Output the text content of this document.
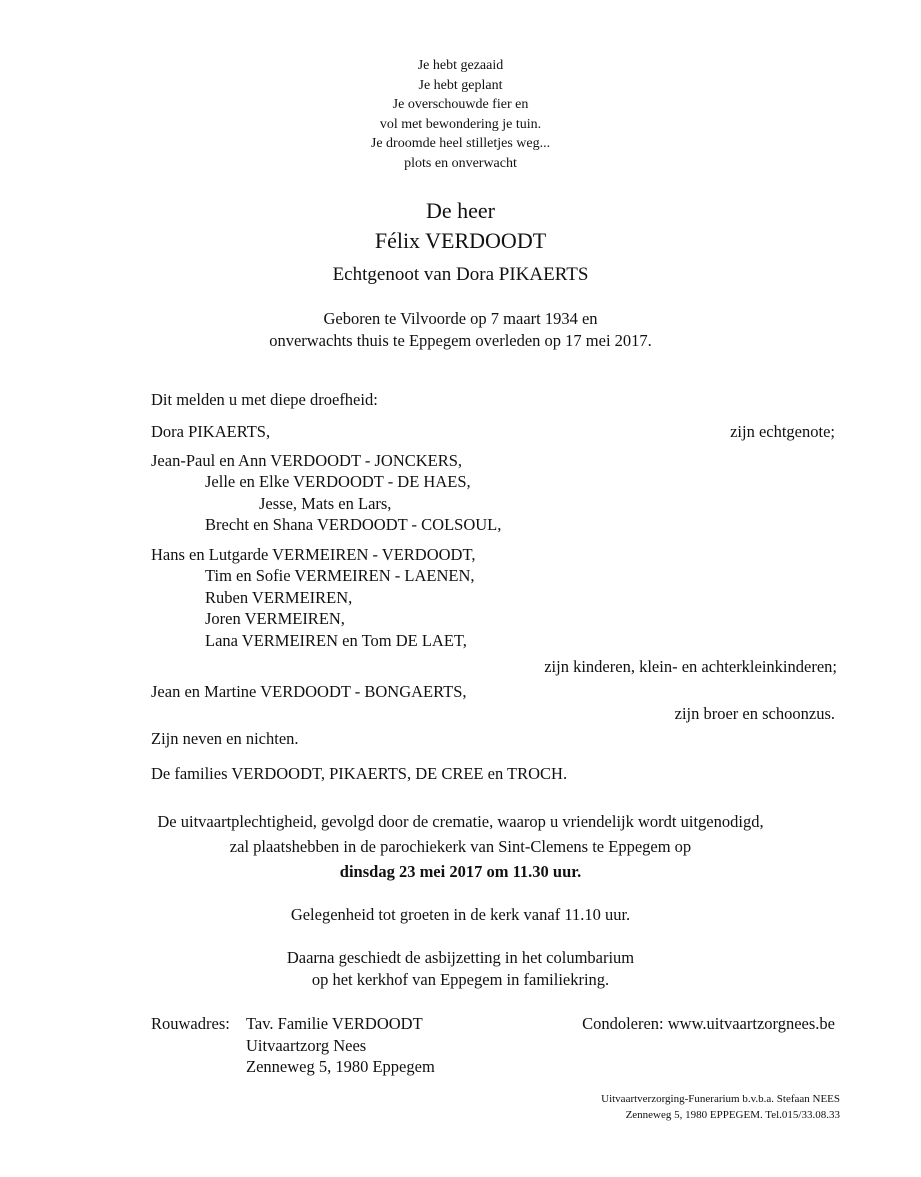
Je hebt gezaaid
Je hebt geplant
Je overschouwde fier en
vol met bewondering je tuin.
Je droomde heel stilletjes weg...
plots en onverwacht
De heer
Félix VERDOODT
Echtgenoot van Dora PIKAERTS
Geboren te Vilvoorde op 7 maart 1934 en
onverwachts thuis te Eppegem overleden op 17 mei 2017.
Dit melden u met diepe droefheid:
Dora PIKAERTS,	zijn echtgenote;
Jean-Paul en Ann VERDOODT - JONCKERS,
Jelle en Elke VERDOODT - DE HAES,
Jesse, Mats en Lars,
Brecht en Shana VERDOODT - COLSOUL,
Hans en Lutgarde VERMEIREN - VERDOODT,
Tim en Sofie VERMEIREN - LAENEN,
Ruben VERMEIREN,
Joren VERMEIREN,
Lana VERMEIREN en Tom DE LAET,
zijn kinderen, klein- en achterkleinkinderen;
Jean en Martine VERDOODT - BONGAERTS,
zijn broer en schoonzus.
Zijn neven en nichten.
De families VERDOODT, PIKAERTS, DE CREE en TROCH.
De uitvaartplechtigheid, gevolgd door de crematie, waarop u vriendelijk wordt uitgenodigd,
zal plaatshebben in de parochiekerk van Sint-Clemens te Eppegem op
dinsdag 23 mei 2017 om 11.30 uur.
Gelegenheid tot groeten in de kerk vanaf 11.10 uur.
Daarna geschiedt de asbijzetting in het columbarium
op het kerkhof van Eppegem in familiekring.
Rouwadres: Tav. Familie VERDOODT
Uitvaartzorg Nees
Zenneweg 5, 1980 Eppegem
Condoleren: www.uitvaartzorgnees.be
Uitvaartverzorging-Funerarium b.v.b.a. Stefaan NEES
Zenneweg 5, 1980 EPPEGEM. Tel.015/33.08.33
